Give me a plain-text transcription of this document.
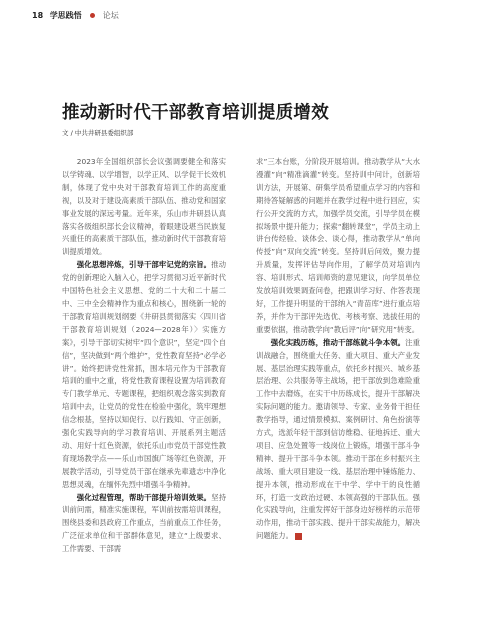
18 学思践悟	论坛
推动新时代干部教育培训提质增效
文 / 中共井研县委组织部

2023年全国组织部长会议强调要健全和落实以学铸魂、以学增智，以学正风、以学促干长效机制，体现了党中央对干部教育培训工作的高度重视，以及对于建设高素质干部队伍、推动党和国家事业发展的深远考量。近年来，乐山市井研县认真落实各级组织部长会议精神，着眼建设堪当民族复兴重任的高素质干部队伍，推动新时代干部教育培训提质增效。

强化思想淬炼，引导干部牢记党的宗旨。推动党的创新理论入脑入心，把学习贯彻习近平新时代中国特色社会主义思想、党的二十大和二十届二中、三中全会精神作为重点和核心，围绕新一轮的干部教育培训规划纲要《井研县贯彻落实〈四川省干部教育培训规划（2024—2028年）〉实施方案》，引导干部切实树牢“四个意识”，坚定“四个自信”，坚决做到“两个维护”，党性教育坚持“必学必讲”。始终把讲党性常抓，围本培元作为干部教育培训的重中之重，将党性教育课程设置为培训教育专门教学单元、专题课程，把组织观念落实到教育培训中去，让党员的党性在检验中强化，筑牢理想信念根基，坚持以知促行、以行践知、守正创新，强化实践导向的学习教育培训、开展系列主题活动、用好十红色资源，依托乐山市党员干部党性教育现场教学点——乐山市国旗广场等红色资源，开展教学活动，引导党员干部在继承先辈遗志中净化思想灵魂，在缅怀先烈中增强斗争精神。

强化过程管理，帮助干部提升培训效果。坚持训前问需，精准实施课程，军训前按需培训课程，围绕县委和县政府工作重点，当前重点工作任务，广泛征求单位和干部群体意见，建立“上级要求、工作需要、干部需

求”三本台账，分阶段开展培训。推动教学从“大水漫灌”向“精准滴灌”转变。坚持训中问计，创新培训方法，开展第、研集学员希望重点学习的内容和期待答疑解惑的问题并在教学过程中进行回应，实行公开交流的方式，加强学员交流，引导学员在模拟场景中提升能力；探索“翻转课堂”，学员主动上讲台传经验、谈体会、谈心得，推动教学从“单向传授”向“双向交流”转变。坚持训后问效，聚力提升质量，发挥评估导向作用，了解学员对培训内容、培训形式、培训师资的意见建议，向学员单位发放培训效果调查问卷，把跟训学习好、作答表现好，工作提升明显的干部纳入“青苗库”进行重点培养，并作为干部评先选优、考核考察、选拔任用的重要依据，推动教学向“教后评”向“研究用”转变。

强化实践历练，推动干部练就斗争本领。注重训战融合，围绕重大任务、重大项目、重大产业发展、基层治理实践等重点，依托乡村振兴、城乡基层治理、公共服务等主战场，把干部放到急难险重工作中去磨炼，在实干中历练成长，提升干部解决实际问题的能力。邀请领导、专家、业务骨干担任教学指导，通过情景模拟、案例研讨、角色扮演等方式，选派年轻干部到信访维稳、征地拆迁、重大项目、应急处置等一线岗位上锻炼，增强干部斗争精神、提升干部斗争本领。推动干部在乡村振兴主战场、重大项目建设一线、基层治理中锤炼能力、提升本领，推动形成在干中学、学中干的良性循环，打造一支政治过硬、本领高强的干部队伍。强化实践导向，注重发挥好干部身边好榜样的示范带动作用，推动干部实践、提升干部实战能力，解决问题能力。
